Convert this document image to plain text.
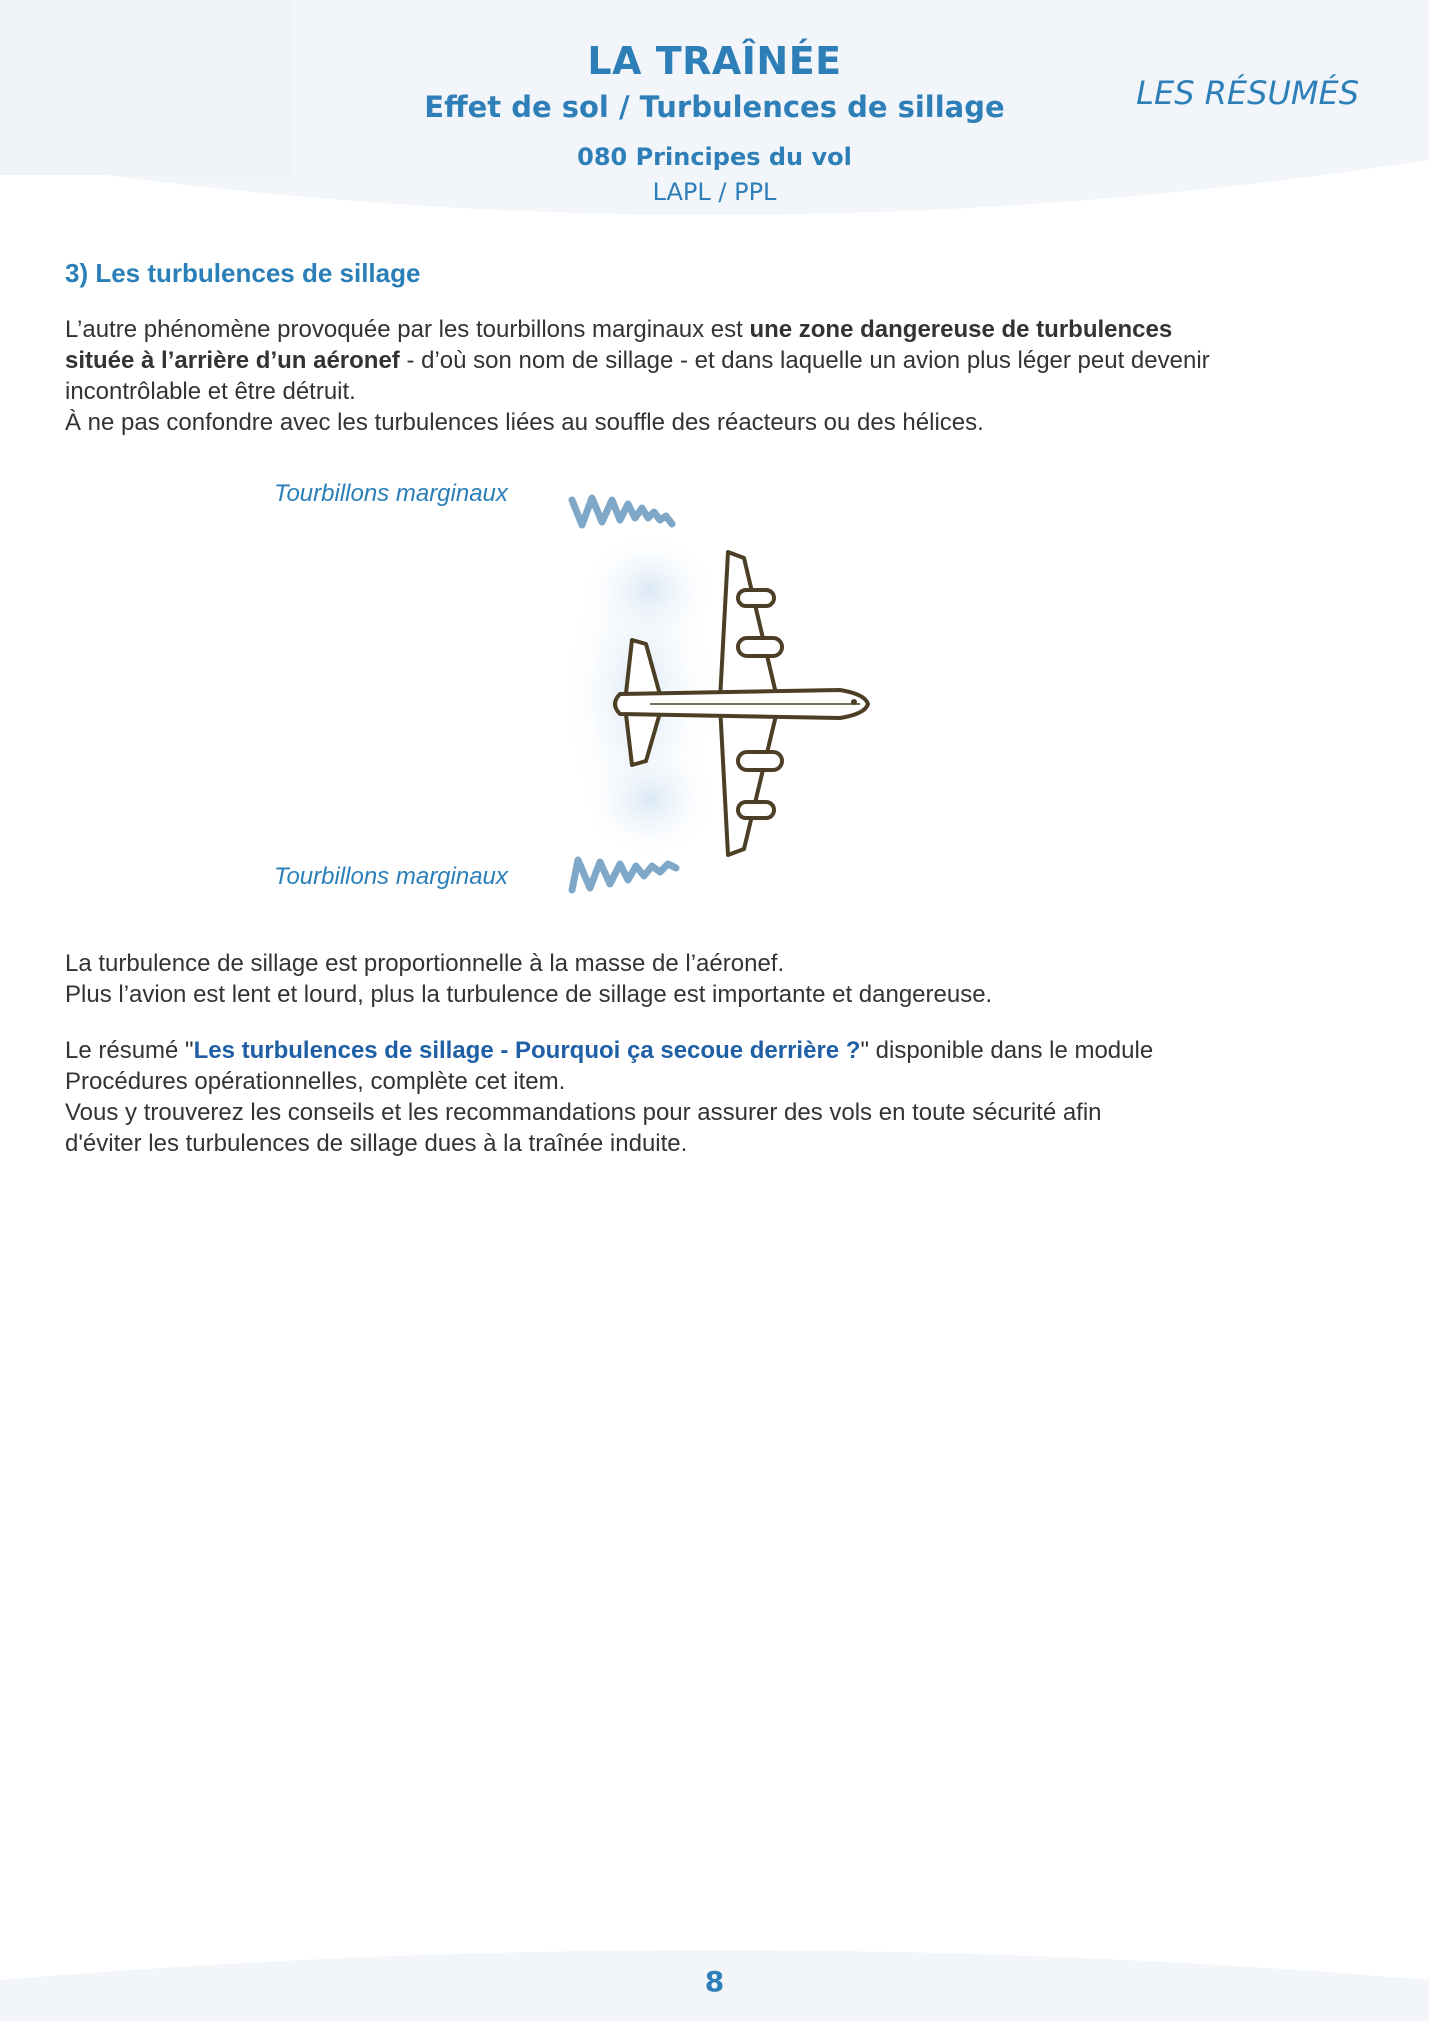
LA TRAÎNÉE
Effet de sol / Turbulences de sillage
080 Principes du vol
LAPL / PPL
LES RÉSUMÉS
3) Les turbulences de sillage
L’autre phénomène provoquée par les tourbillons marginaux est une zone dangereuse de turbulences
située à l’arrière d’un aéronef - d’où son nom de sillage - et dans laquelle un avion plus léger peut devenir
incontrôlable et être détruit.
À ne pas confondre avec les turbulences liées au souffle des réacteurs ou des hélices.
Tourbillons marginaux
Tourbillons marginaux
La turbulence de sillage est proportionnelle à la masse de l’aéronef.
Plus l’avion est lent et lourd, plus la turbulence de sillage est importante et dangereuse.
Le résumé "Les turbulences de sillage - Pourquoi ça secoue derrière ?" disponible dans le module
Procédures opérationnelles, complète cet item.
Vous y trouverez les conseils et les recommandations pour assurer des vols en toute sécurité afin
d'éviter les turbulences de sillage dues à la traînée induite.
8
